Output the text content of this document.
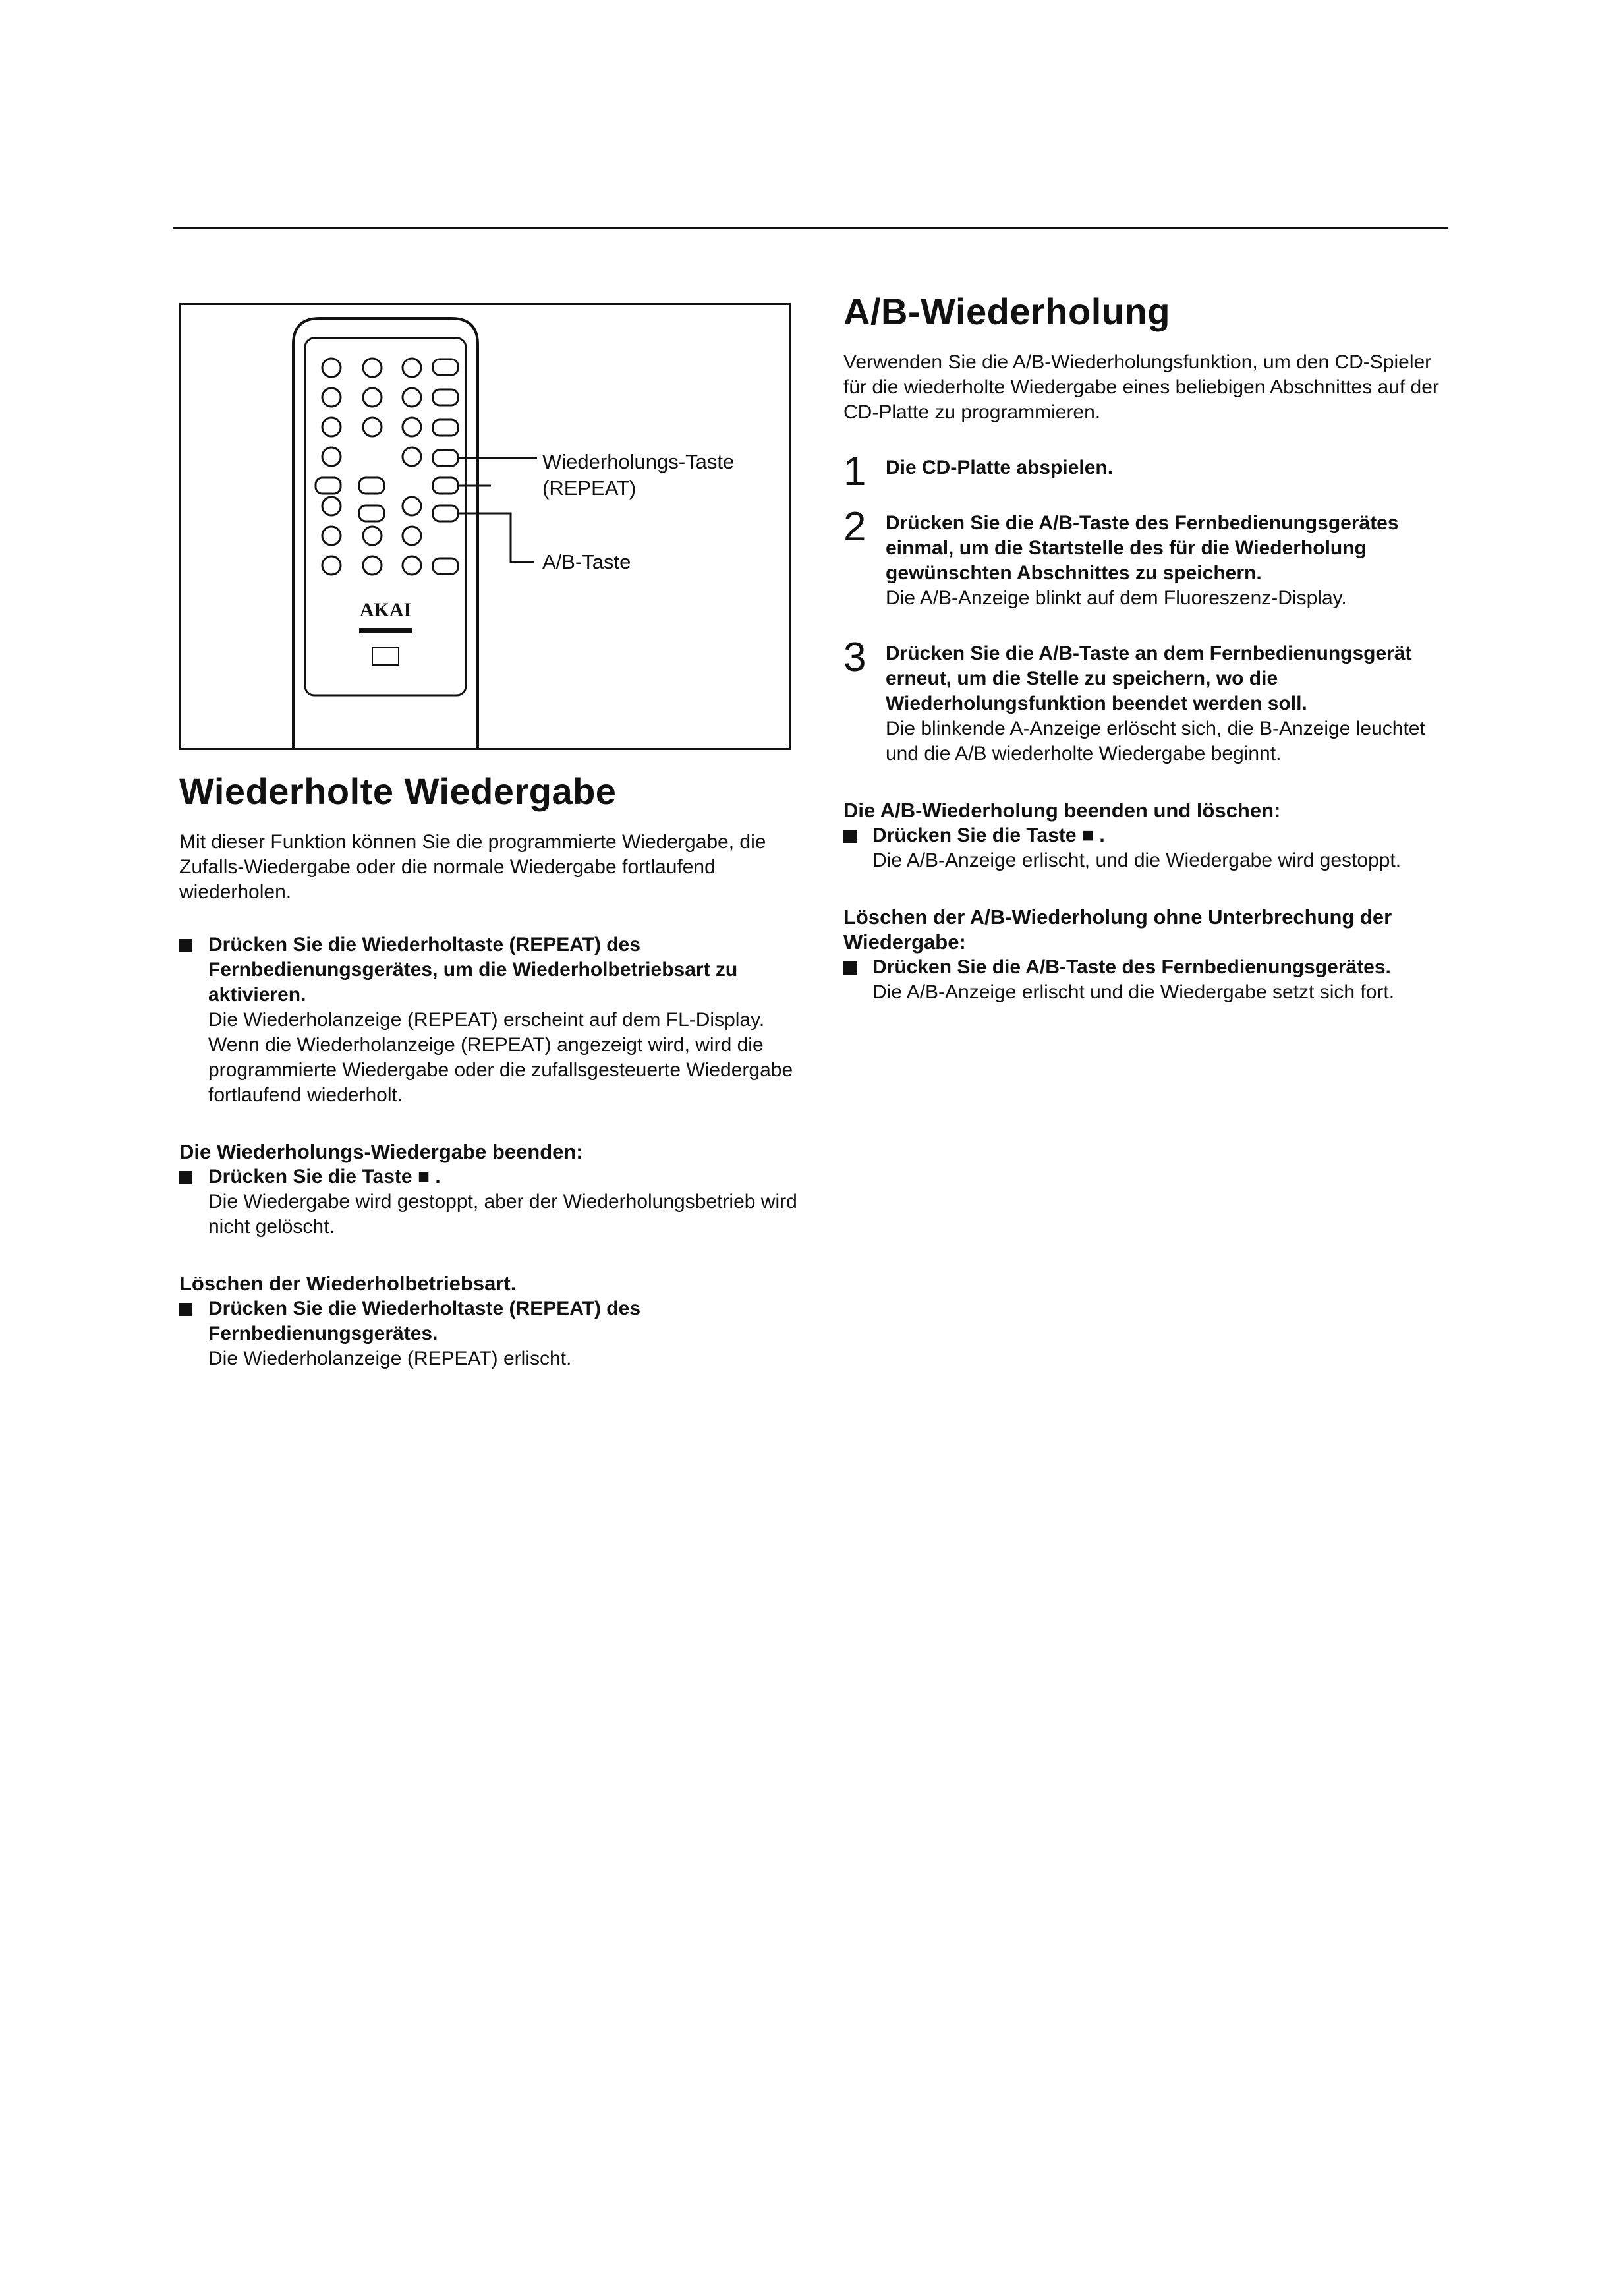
AKAI
Wiederholungs-Taste
(REPEAT)
A/B-Taste
Wiederholte Wiedergabe

Mit dieser Funktion können Sie die programmierte Wiedergabe, die Zufalls-Wiedergabe oder die normale Wiedergabe fortlaufend wiederholen.

Drücken Sie die Wiederholtaste (REPEAT) des Fernbedienungsgerätes, um die Wiederholbetriebsart zu aktivieren.

Die Wiederholanzeige (REPEAT) erscheint auf dem FL-Display.

Wenn die Wiederholanzeige (REPEAT) angezeigt wird, wird die programmierte Wiedergabe oder die zufallsgesteuerte Wiedergabe fortlaufend wiederholt.

Die Wiederholungs-Wiedergabe beenden:

Drücken Sie die Taste ■ .

Die Wiedergabe wird gestoppt, aber der Wiederholungsbetrieb wird nicht gelöscht.

Löschen der Wiederholbetriebsart.

Drücken Sie die Wiederholtaste (REPEAT) des Fernbedienungsgerätes.

Die Wiederholanzeige (REPEAT) erlischt.

A/B-Wiederholung

Verwenden Sie die A/B-Wiederholungsfunktion, um den CD-Spieler für die wiederholte Wiedergabe eines beliebigen Abschnittes auf der CD-Platte zu programmieren.

1 Die CD-Platte abspielen.

2 Drücken Sie die A/B-Taste des Fernbedienungsgerätes einmal, um die Startstelle des für die Wiederholung gewünschten Abschnittes zu speichern.

Die A/B-Anzeige blinkt auf dem Fluoreszenz-Display.

3 Drücken Sie die A/B-Taste an dem Fernbedienungsgerät erneut, um die Stelle zu speichern, wo die Wiederholungsfunktion beendet werden soll.

Die blinkende A-Anzeige erlöscht sich, die B-Anzeige leuchtet und die A/B wiederholte Wiedergabe beginnt.

Die A/B-Wiederholung beenden und löschen:

Drücken Sie die Taste ■ .

Die A/B-Anzeige erlischt, und die Wiedergabe wird gestoppt.

Löschen der A/B-Wiederholung ohne Unterbrechung der Wiedergabe:

Drücken Sie die A/B-Taste des Fernbedienungsgerätes.

Die A/B-Anzeige erlischt und die Wiedergabe setzt sich fort.
